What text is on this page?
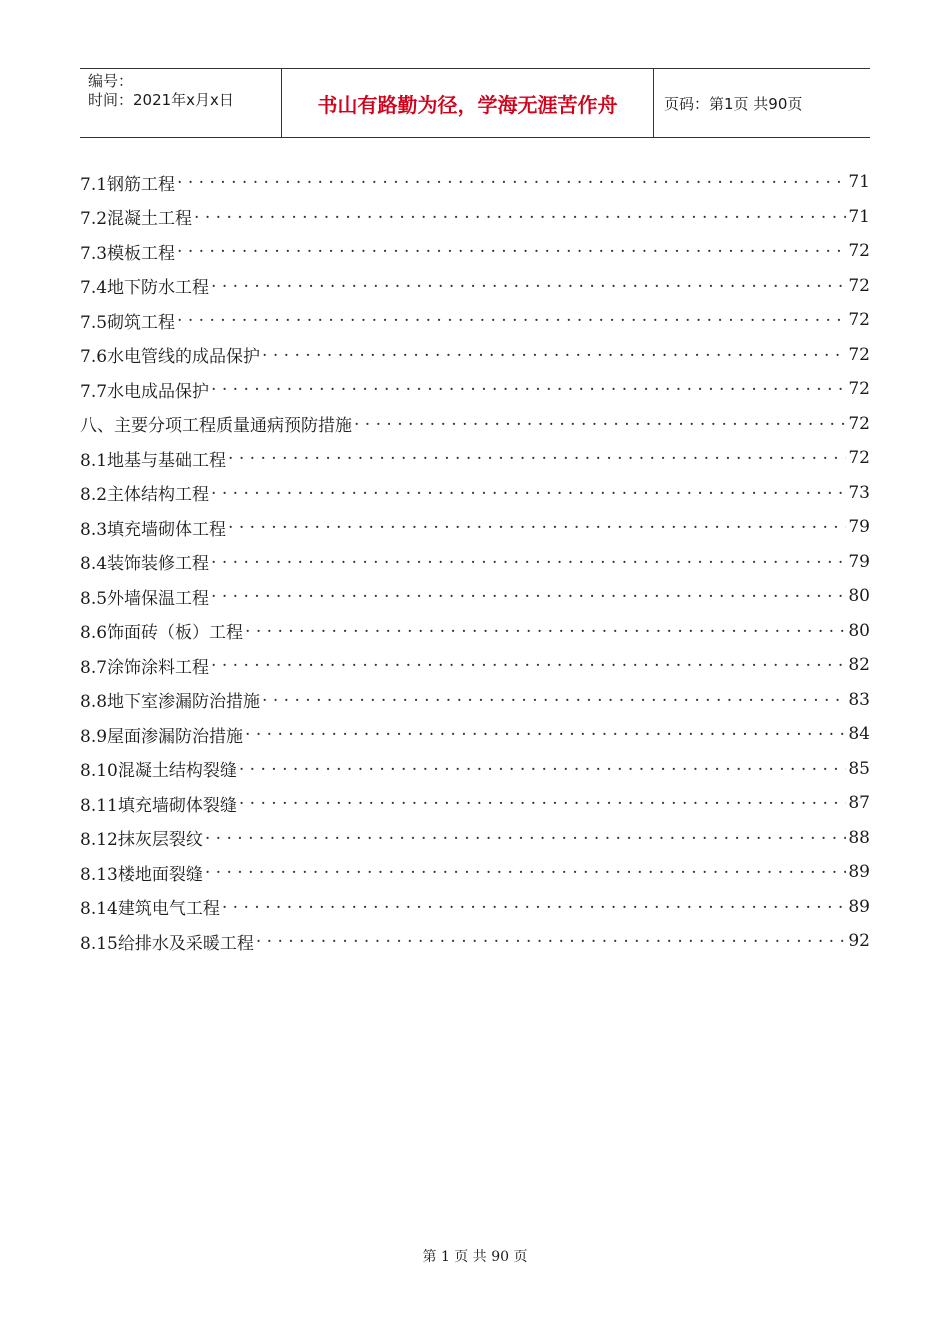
编号：
时间：2021年x月x日	书山有路勤为径，学海无涯苦作舟	页码：第1页 共90页
7.1钢筋工程 . . .	71
7.2混凝土工程 . . .	71
7.3模板工程 . . .	72
7.4地下防水工程 . . .	72
7.5砌筑工程 . . .	72
7.6水电管线的成品保护 . . .	72
7.7水电成品保护 . . .	72
八、主要分项工程质量通病预防措施 . . .	72
8.1地基与基础工程 . . .	72
8.2主体结构工程 . . .	73
8.3填充墙砌体工程 . . .	79
8.4装饰装修工程 . . .	79
8.5外墙保温工程 . . .	80
8.6饰面砖（板）工程 . . .	80
8.7涂饰涂料工程 . . .	82
8.8地下室渗漏防治措施 . . .	83
8.9屋面渗漏防治措施 . . .	84
8.10混凝土结构裂缝 . . .	85
8.11填充墙砌体裂缝 . . .	87
8.12抹灰层裂纹 . . .	88
8.13楼地面裂缝 . . .	89
8.14建筑电气工程 . . .	89
8.15给排水及采暖工程 . . .	92
第 1 页 共 90 页
